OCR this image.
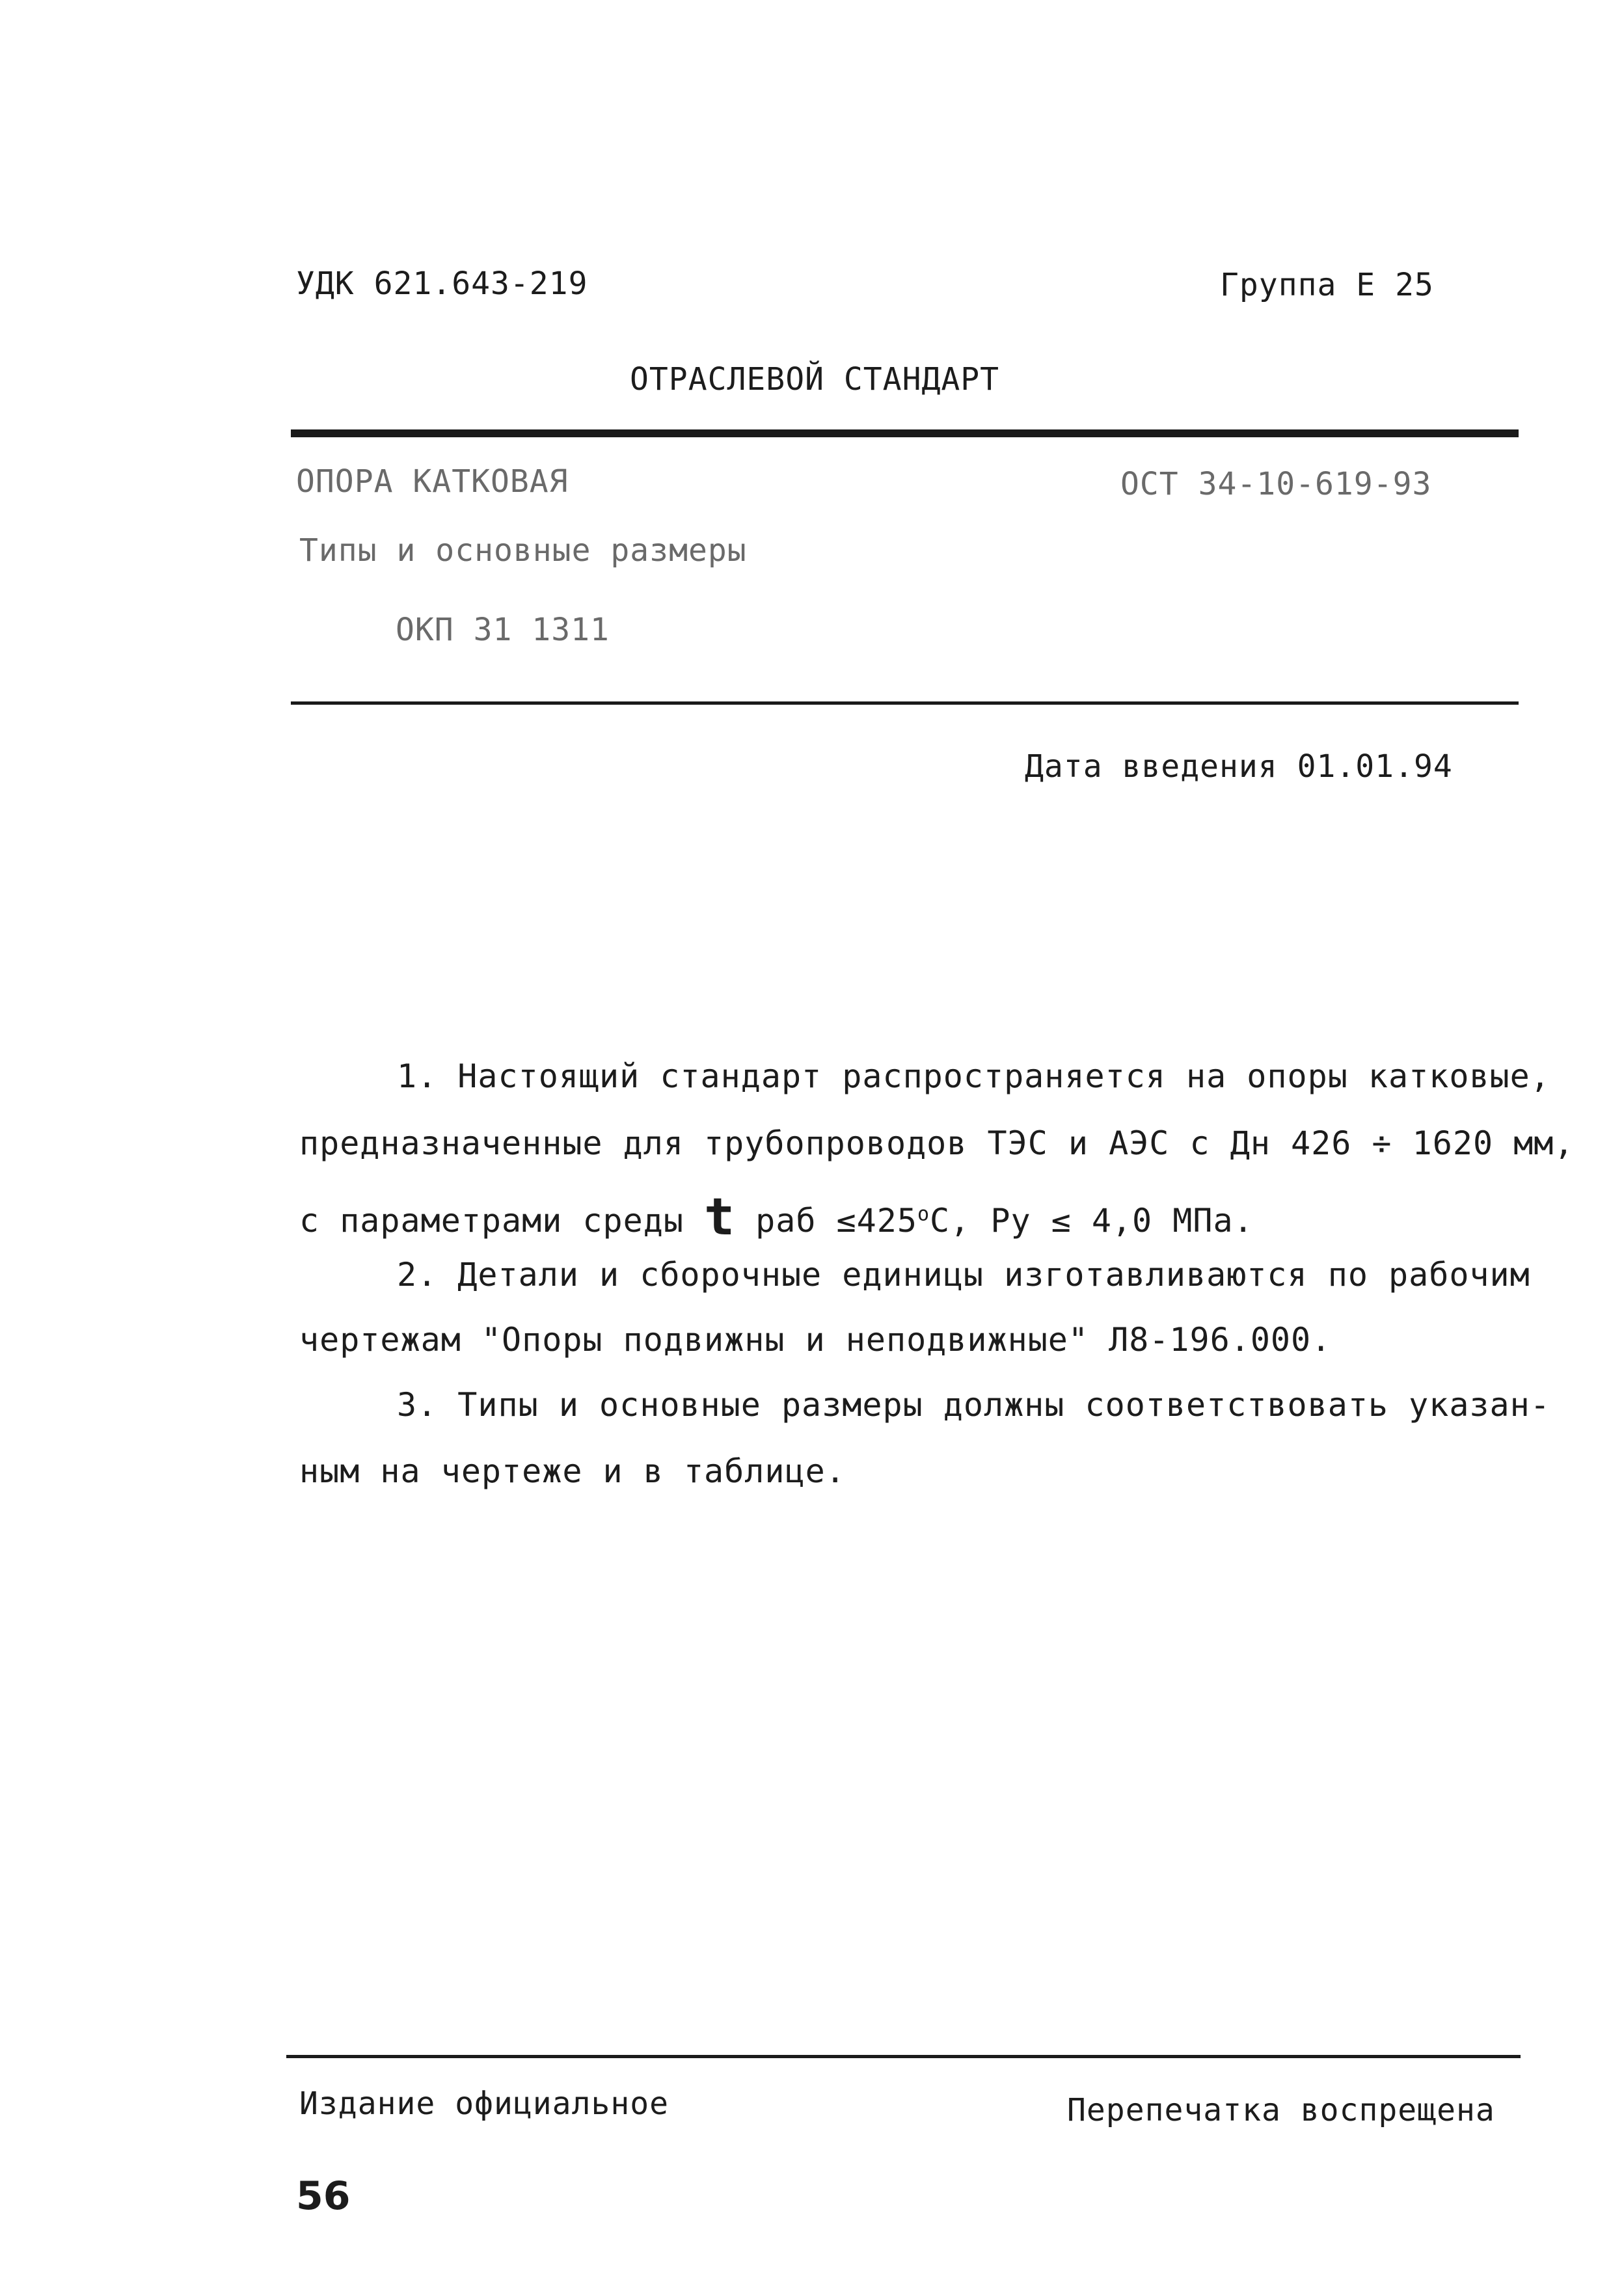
УДК 621.643-219	Группа Е 25
ОТРАСЛЕВОЙ СТАНДАРТ
ОПОРА КАТКОВАЯ	ОСТ 34-10-619-93
Типы и основные размеры
ОКП 31 1311
Дата введения 01.01.94
1. Настоящий стандарт распространяется на опоры катковые,
предназначенные для трубопроводов ТЭС и АЭС с Дн 426 ÷ 1620 мм,
с параметрами среды t раб $\le 425^оС$, Ру ≤ 4,0 МПа.
2. Детали и сборочные единицы изготавливаются по рабочим
чертежам "Опоры подвижны и неподвижные" Л8-196.000.
3. Типы и основные размеры должны соответствовать указан-
ным на чертеже и в таблице.
Издание официальное	Перепечатка воспрещена
56
